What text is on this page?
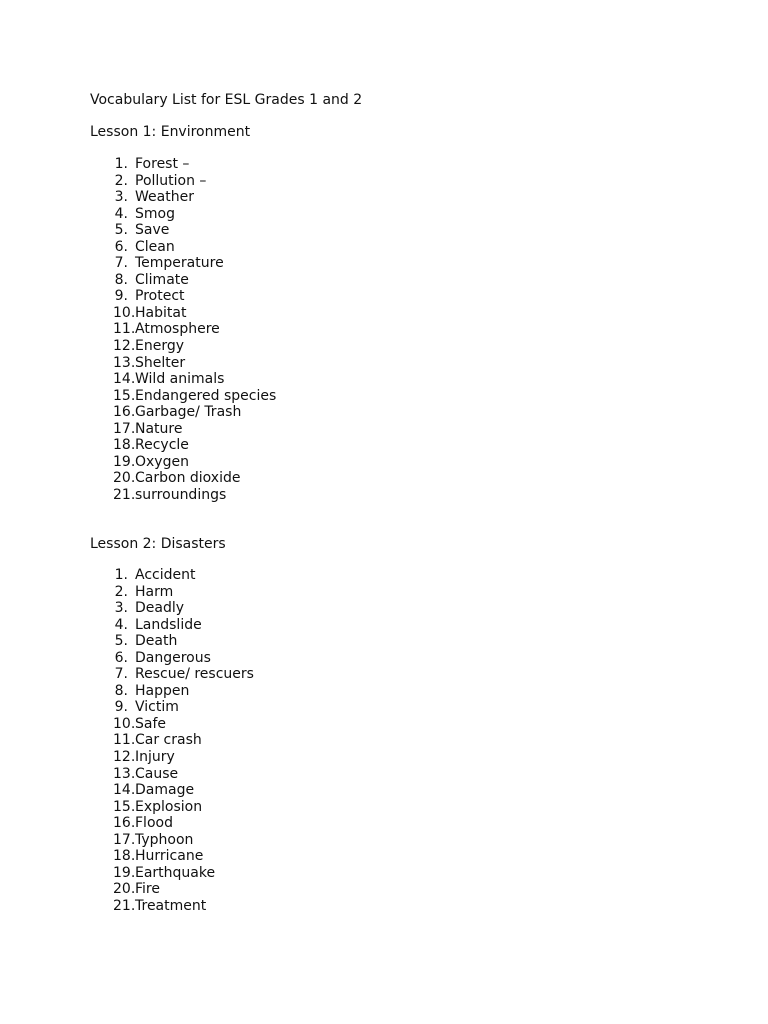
Vocabulary List for ESL Grades 1 and 2
Lesson 1: Environment
1. Forest –
2. Pollution –
3. Weather
4. Smog
5. Save
6. Clean
7. Temperature
8. Climate
9. Protect
10. Habitat
11. Atmosphere
12. Energy
13. Shelter
14. Wild animals
15. Endangered species
16. Garbage/ Trash
17. Nature
18. Recycle
19. Oxygen
20. Carbon dioxide
21. surroundings
Lesson 2: Disasters
1. Accident
2. Harm
3. Deadly
4. Landslide
5. Death
6. Dangerous
7. Rescue/ rescuers
8. Happen
9. Victim
10. Safe
11. Car crash
12. Injury
13. Cause
14. Damage
15. Explosion
16. Flood
17. Typhoon
18. Hurricane
19. Earthquake
20. Fire
21. Treatment
